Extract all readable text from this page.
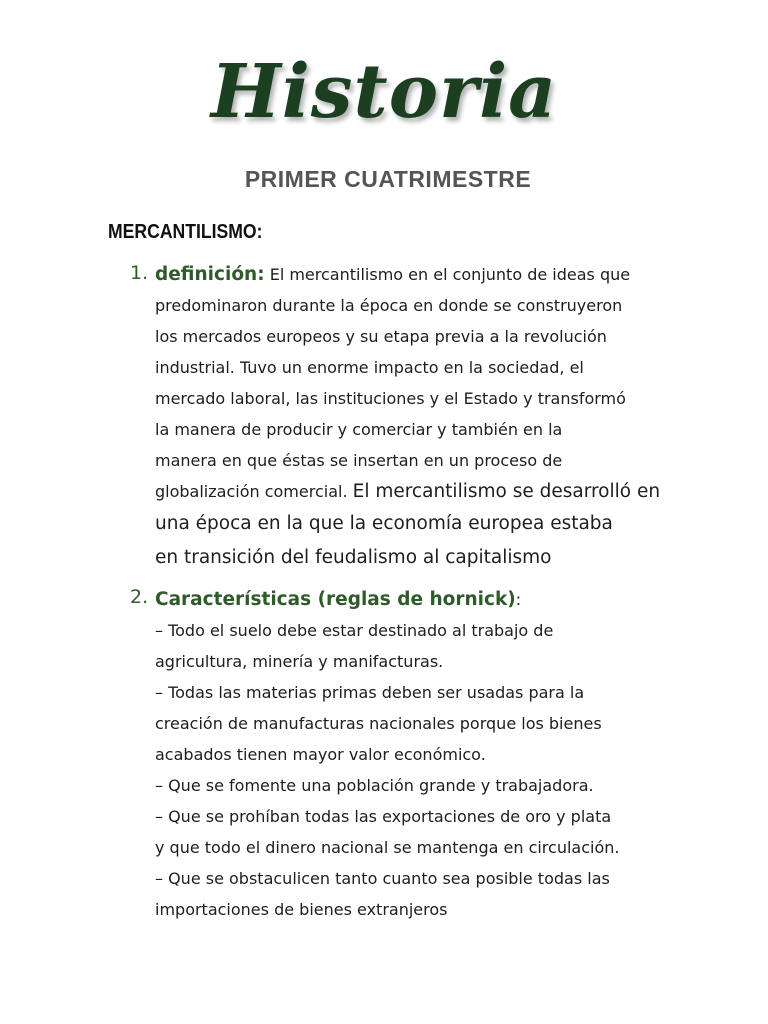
Historia
PRIMER CUATRIMESTRE
MERCANTILISMO:
1. definición: El mercantilismo en el conjunto de ideas que
predominaron durante la época en donde se construyeron
los mercados europeos y su etapa previa a la revolución
industrial. Tuvo un enorme impacto en la sociedad, el
mercado laboral, las instituciones y el Estado y transformó
la manera de producir y comerciar y también en la
manera en que éstas se insertan en un proceso de
globalización comercial. El mercantilismo se desarrolló en
una época en la que la economía europea estaba
en transición del feudalismo al capitalismo
2. Características (reglas de hornick):
– Todo el suelo debe estar destinado al trabajo de
agricultura, minería y manifacturas.
– Todas las materias primas deben ser usadas para la
creación de manufacturas nacionales porque los bienes
acabados tienen mayor valor económico.
– Que se fomente una población grande y trabajadora.
– Que se prohíban todas las exportaciones de oro y plata
y que todo el dinero nacional se mantenga en circulación.
– Que se obstaculicen tanto cuanto sea posible todas las
importaciones de bienes extranjeros
